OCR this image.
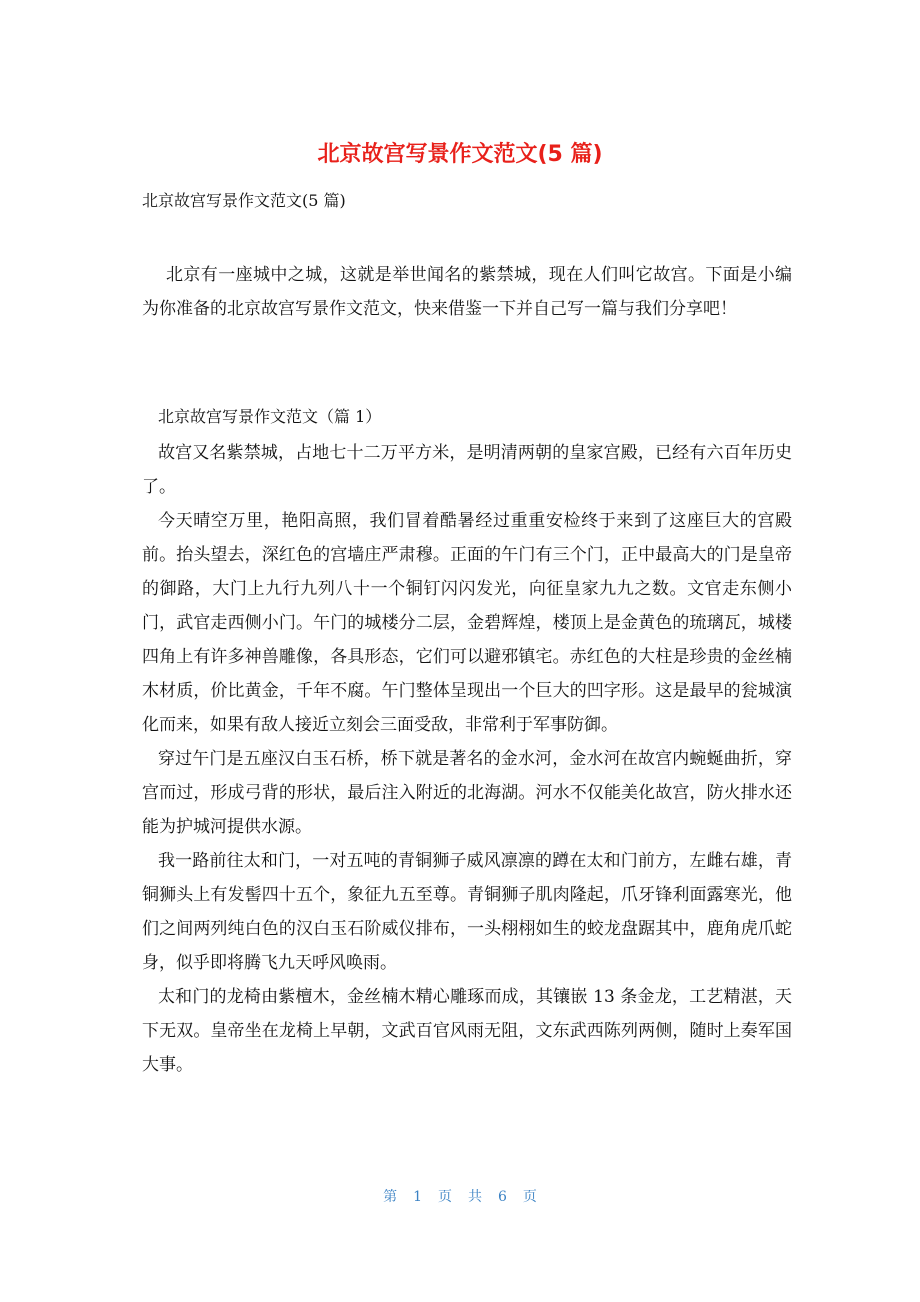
北京故宫写景作文范文(5 篇)
北京故宫写景作文范文(5 篇)
北京有一座城中之城，这就是举世闻名的紫禁城，现在人们叫它故宫。下面是小编为你准备的北京故宫写景作文范文，快来借鉴一下并自己写一篇与我们分享吧！
北京故宫写景作文范文（篇 1）

故宫又名紫禁城，占地七十二万平方米，是明清两朝的皇家宫殿，已经有六百年历史了。

今天晴空万里，艳阳高照，我们冒着酷暑经过重重安检终于来到了这座巨大的宫殿前。抬头望去，深红色的宫墙庄严肃穆。正面的午门有三个门，正中最高大的门是皇帝的御路，大门上九行九列八十一个铜钉闪闪发光，向征皇家九九之数。文官走东侧小门，武官走西侧小门。午门的城楼分二层，金碧辉煌，楼顶上是金黄色的琉璃瓦，城楼四角上有许多神兽雕像，各具形态，它们可以避邪镇宅。赤红色的大柱是珍贵的金丝楠木材质，价比黄金，千年不腐。午门整体呈现出一个巨大的凹字形。这是最早的瓮城演化而来，如果有敌人接近立刻会三面受敌，非常利于军事防御。

穿过午门是五座汉白玉石桥，桥下就是著名的金水河，金水河在故宫内蜿蜒曲折，穿宫而过，形成弓背的形状，最后注入附近的北海湖。河水不仅能美化故宫，防火排水还能为护城河提供水源。

我一路前往太和门，一对五吨的青铜狮子威风凛凛的蹲在太和门前方，左雌右雄，青铜狮头上有发髻四十五个，象征九五至尊。青铜狮子肌肉隆起，爪牙锋利面露寒光，他们之间两列纯白色的汉白玉石阶威仪排布，一头栩栩如生的蛟龙盘踞其中，鹿角虎爪蛇身，似乎即将腾飞九天呼风唤雨。

太和门的龙椅由紫檀木，金丝楠木精心雕琢而成，其镶嵌 13 条金龙，工艺精湛，天下无双。皇帝坐在龙椅上早朝，文武百官风雨无阻，文东武西陈列两侧，随时上奏军国大事。

第 1 页 共 6 页
